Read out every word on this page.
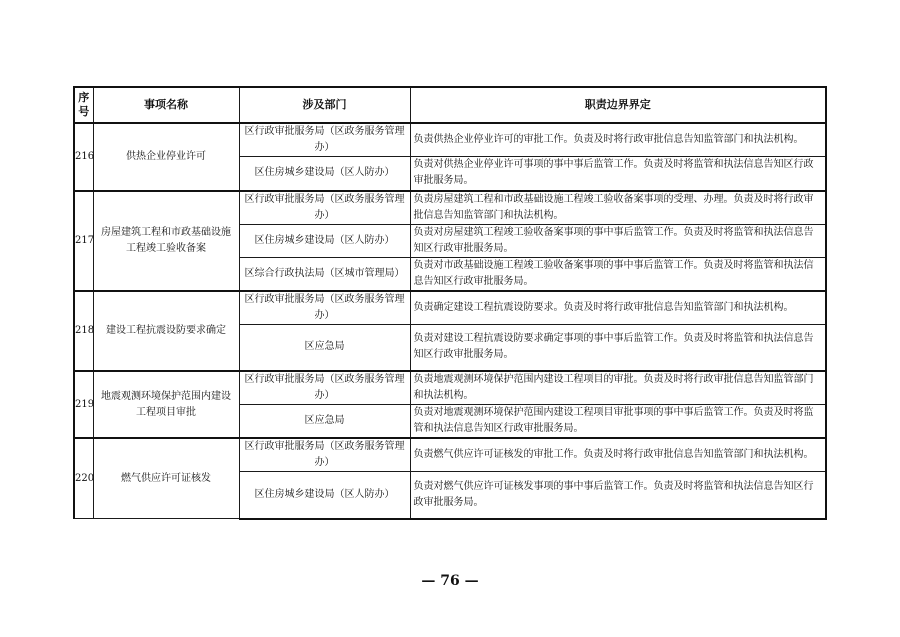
序号	事项名称	涉及部门	职责边界界定
216	供热企业停业许可	区行政审批服务局（区政务服务管理办）	负责供热企业停业许可的审批工作。负责及时将行政审批信息告知监管部门和执法机构。
		区住房城乡建设局（区人防办）	负责对供热企业停业许可事项的事中事后监管工作。负责及时将监管和执法信息告知区行政审批服务局。
217	房屋建筑工程和市政基础设施工程竣工验收备案	区行政审批服务局（区政务服务管理办）	负责房屋建筑工程和市政基础设施工程竣工验收备案事项的受理、办理。负责及时将行政审批信息告知监管部门和执法机构。
		区住房城乡建设局（区人防办）	负责对房屋建筑工程竣工验收备案事项的事中事后监管工作。负责及时将监管和执法信息告知区行政审批服务局。
		区综合行政执法局（区城市管理局）	负责对市政基础设施工程竣工验收备案事项的事中事后监管工作。负责及时将监管和执法信息告知区行政审批服务局。
218	建设工程抗震设防要求确定	区行政审批服务局（区政务服务管理办）	负责确定建设工程抗震设防要求。负责及时将行政审批信息告知监管部门和执法机构。
		区应急局	负责对建设工程抗震设防要求确定事项的事中事后监管工作。负责及时将监管和执法信息告知区行政审批服务局。
219	地震观测环境保护范围内建设工程项目审批	区行政审批服务局（区政务服务管理办）	负责地震观测环境保护范围内建设工程项目的审批。负责及时将行政审批信息告知监管部门和执法机构。
		区应急局	负责对地震观测环境保护范围内建设工程项目审批事项的事中事后监管工作。负责及时将监管和执法信息告知区行政审批服务局。
220	燃气供应许可证核发	区行政审批服务局（区政务服务管理办）	负责燃气供应许可证核发的审批工作。负责及时将行政审批信息告知监管部门和执法机构。
		区住房城乡建设局（区人防办）	负责对燃气供应许可证核发事项的事中事后监管工作。负责及时将监管和执法信息告知区行政审批服务局。
— 76 —
